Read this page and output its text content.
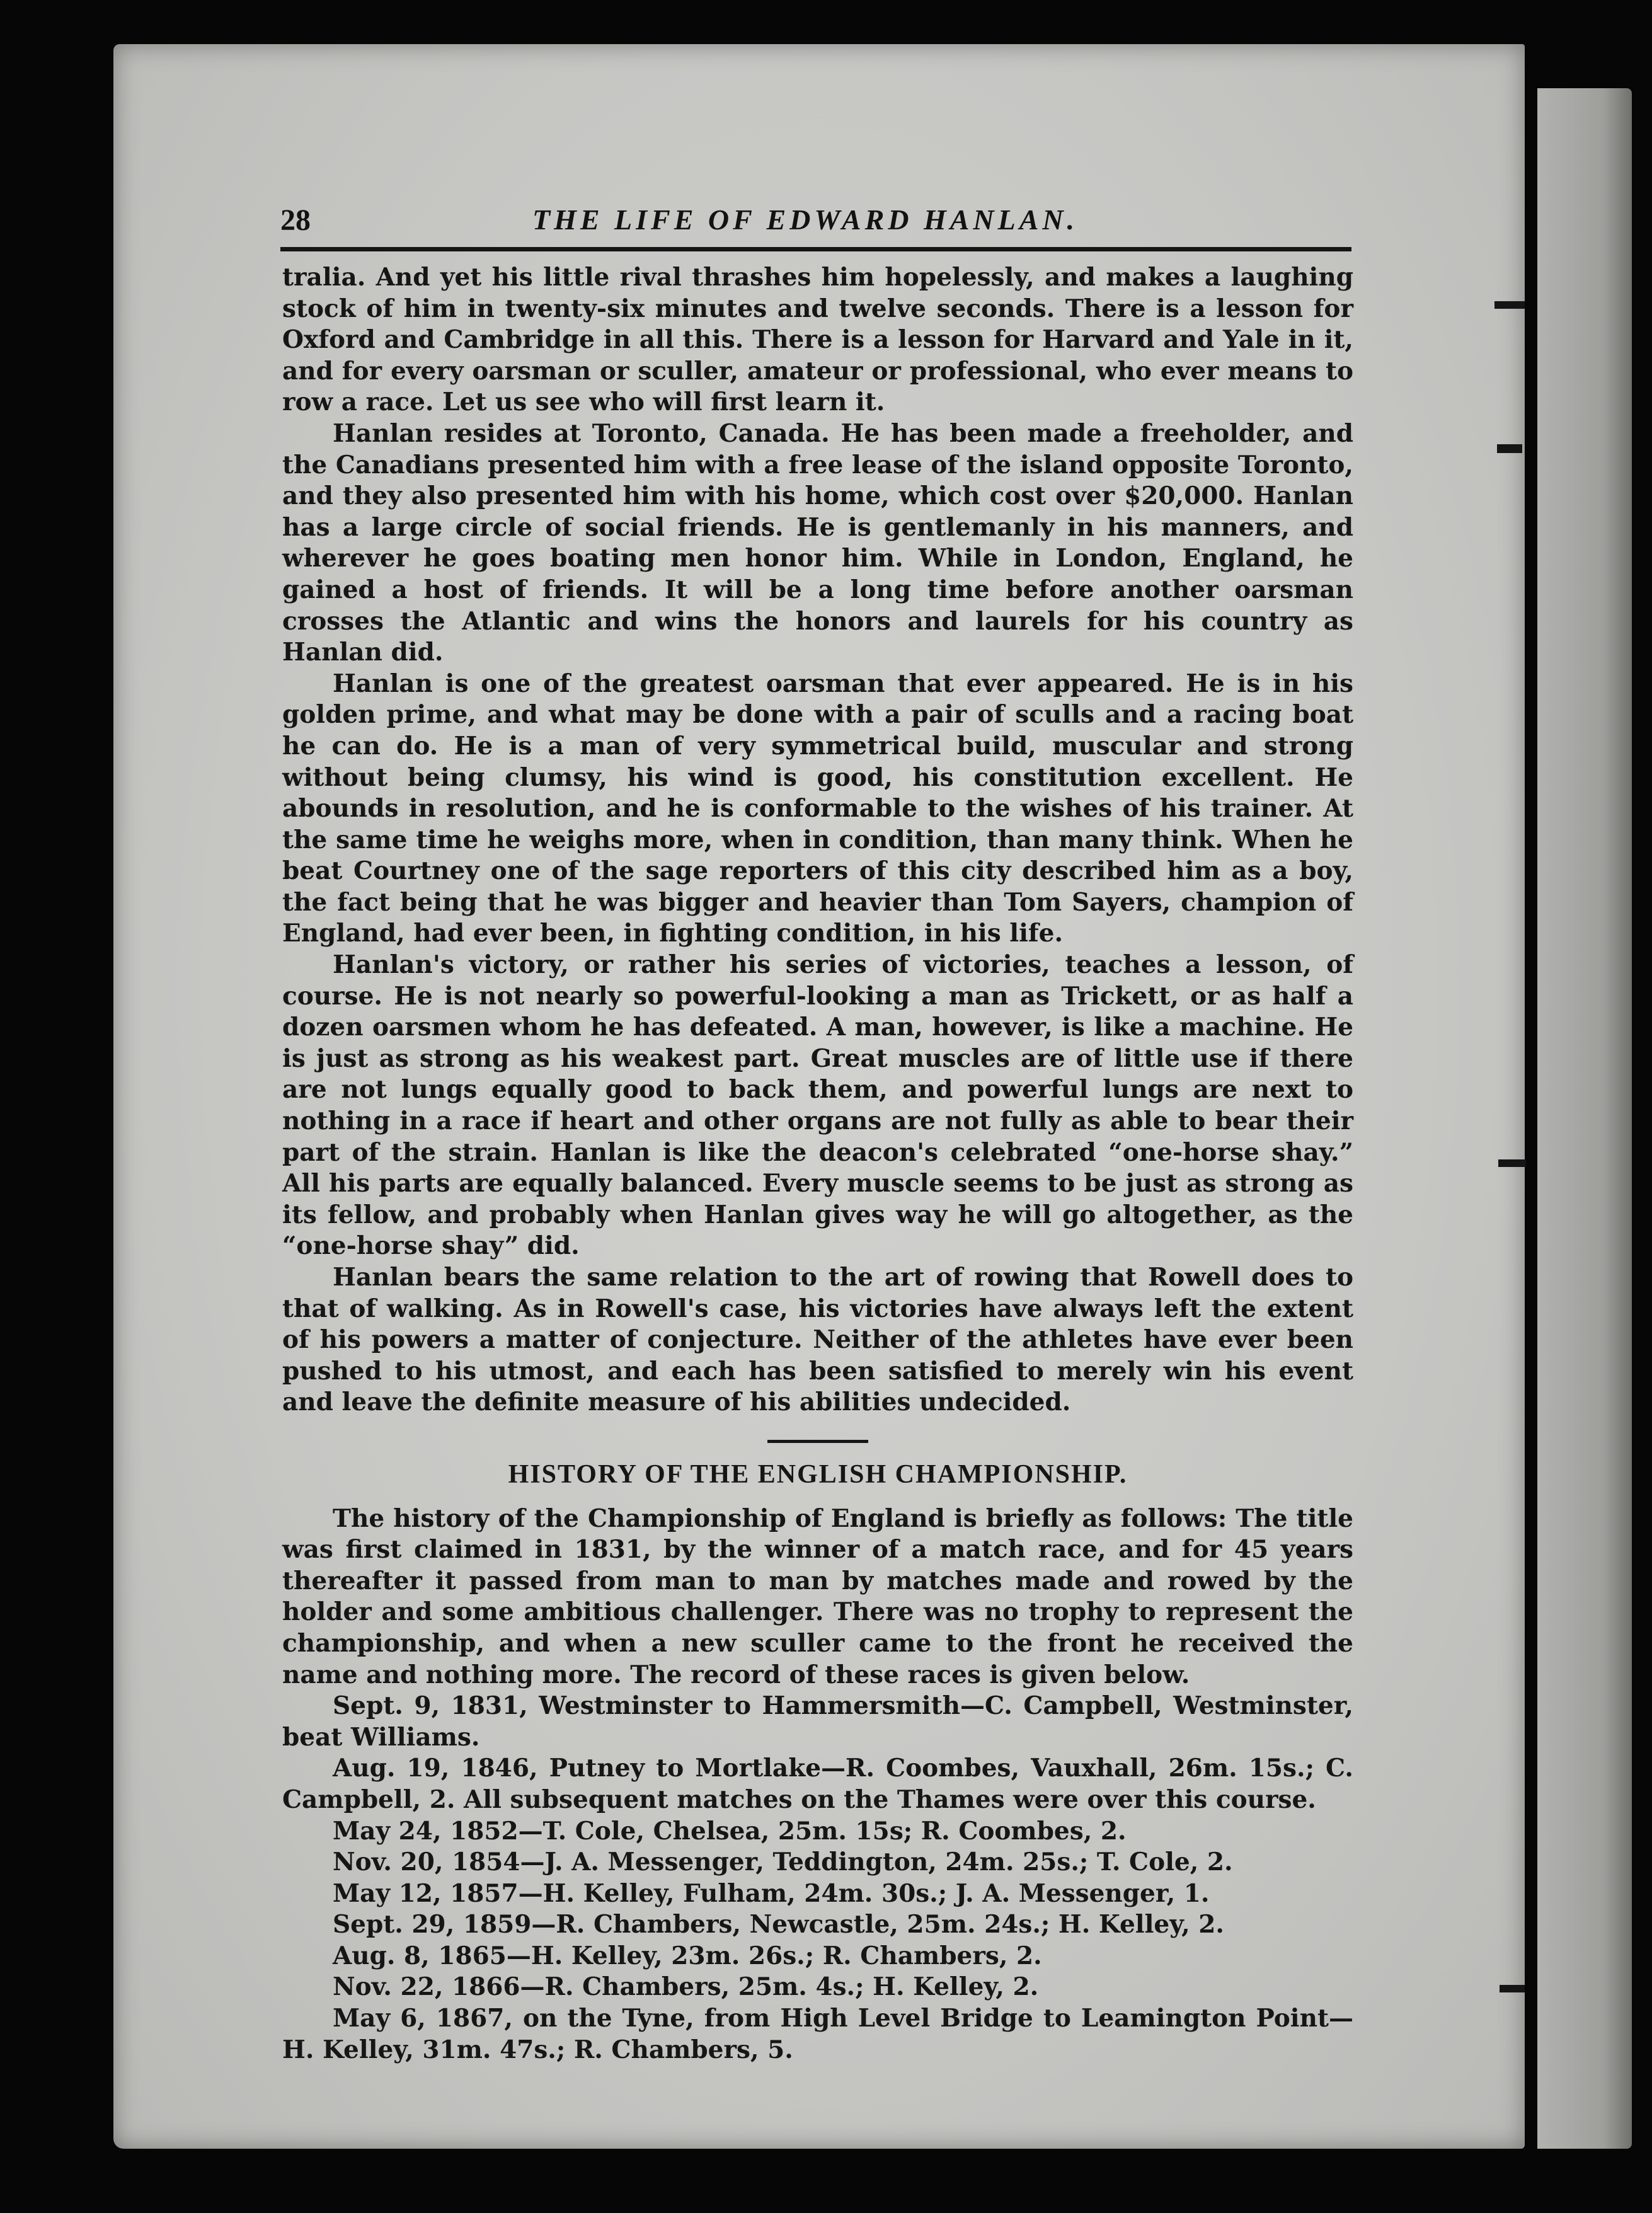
28	THE LIFE OF EDWARD HANLAN.

tralia. And yet his little rival thrashes him hopelessly, and makes a laughing stock of him in twenty-six minutes and twelve seconds. There is a lesson for Oxford and Cambridge in all this. There is a lesson for Harvard and Yale in it, and for every oarsman or sculler, amateur or professional, who ever means to row a race. Let us see who will first learn it.

Hanlan resides at Toronto, Canada. He has been made a freeholder, and the Canadians presented him with a free lease of the island opposite Toronto, and they also presented him with his home, which cost over $20,000. Hanlan has a large circle of social friends. He is gentlemanly in his manners, and wherever he goes boating men honor him. While in London, England, he gained a host of friends. It will be a long time before another oarsman crosses the Atlantic and wins the honors and laurels for his country as Hanlan did.

Hanlan is one of the greatest oarsman that ever appeared. He is in his golden prime, and what may be done with a pair of sculls and a racing boat he can do. He is a man of very symmetrical build, muscular and strong without being clumsy, his wind is good, his constitution excellent. He abounds in resolution, and he is conformable to the wishes of his trainer. At the same time he weighs more, when in condition, than many think. When he beat Courtney one of the sage reporters of this city described him as a boy, the fact being that he was bigger and heavier than Tom Sayers, champion of England, had ever been, in fighting condition, in his life.

Hanlan's victory, or rather his series of victories, teaches a lesson, of course. He is not nearly so powerful-looking a man as Trickett, or as half a dozen oarsmen whom he has defeated. A man, however, is like a machine. He is just as strong as his weakest part. Great muscles are of little use if there are not lungs equally good to back them, and powerful lungs are next to nothing in a race if heart and other organs are not fully as able to bear their part of the strain. Hanlan is like the deacon's celebrated “one-horse shay.” All his parts are equally balanced. Every muscle seems to be just as strong as its fellow, and probably when Hanlan gives way he will go altogether, as the “one-horse shay” did.

Hanlan bears the same relation to the art of rowing that Rowell does to that of walking. As in Rowell's case, his victories have always left the extent of his powers a matter of conjecture. Neither of the athletes have ever been pushed to his utmost, and each has been satisfied to merely win his event and leave the definite measure of his abilities undecided.

HISTORY OF THE ENGLISH CHAMPIONSHIP.

The history of the Championship of England is briefly as follows: The title was first claimed in 1831, by the winner of a match race, and for 45 years thereafter it passed from man to man by matches made and rowed by the holder and some ambitious challenger. There was no trophy to represent the championship, and when a new sculler came to the front he received the name and nothing more. The record of these races is given below.

Sept. 9, 1831, Westminster to Hammersmith—C. Campbell, Westminster, beat Williams.
Aug. 19, 1846, Putney to Mortlake—R. Coombes, Vauxhall, 26m. 15s.; C. Campbell, 2. All subsequent matches on the Thames were over this course.
May 24, 1852—T. Cole, Chelsea, 25m. 15s; R. Coombes, 2.
Nov. 20, 1854—J. A. Messenger, Teddington, 24m. 25s.; T. Cole, 2.
May 12, 1857—H. Kelley, Fulham, 24m. 30s.; J. A. Messenger, 1.
Sept. 29, 1859—R. Chambers, Newcastle, 25m. 24s.; H. Kelley, 2.
Aug. 8, 1865—H. Kelley, 23m. 26s.; R. Chambers, 2.
Nov. 22, 1866—R. Chambers, 25m. 4s.; H. Kelley, 2.
May 6, 1867, on the Tyne, from High Level Bridge to Leamington Point—H. Kelley, 31m. 47s.; R. Chambers, 5.
